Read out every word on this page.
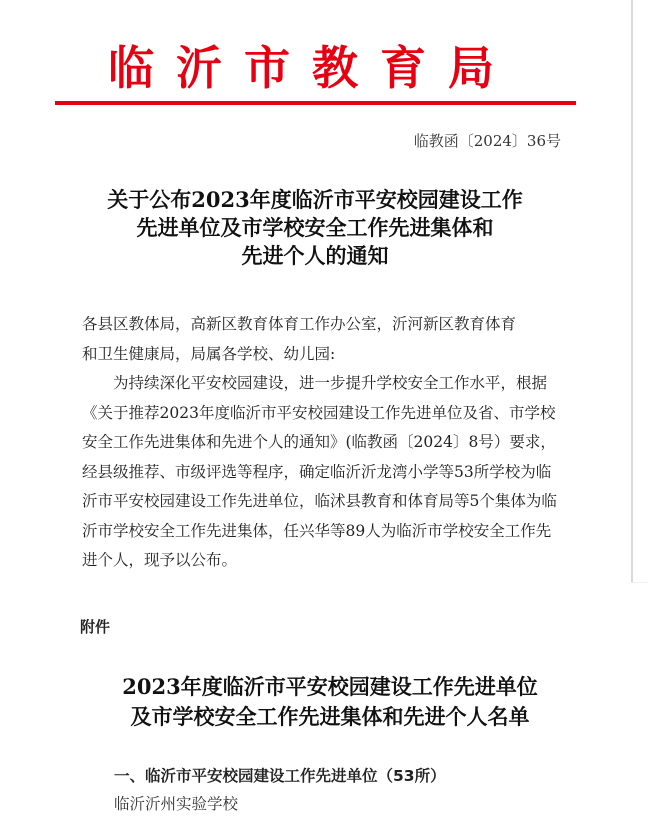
临沂市教育局
临教函〔2024〕36号
关于公布2023年度临沂市平安校园建设工作
先进单位及市学校安全工作先进集体和
先进个人的通知

各县区教体局，高新区教育体育工作办公室，沂河新区教育体育

和卫生健康局，局属各学校、幼儿园:

为持续深化平安校园建设，进一步提升学校安全工作水平，根据《关于推荐2023年度临沂市平安校园建设工作先进单位及省、市学校安全工作先进集体和先进个人的通知》(临教函〔2024〕8号）要求，经县级推荐、市级评选等程序，确定临沂沂龙湾小学等53所学校为临沂市平安校园建设工作先进单位，临沭县教育和体育局等5个集体为临沂市学校安全工作先进集体，任兴华等89人为临沂市学校安全工作先进个人，现予以公布。

附件
2023年度临沂市平安校园建设工作先进单位
及市学校安全工作先进集体和先进个人名单
一、临沂市平安校园建设工作先进单位（53所）
临沂沂州实验学校
